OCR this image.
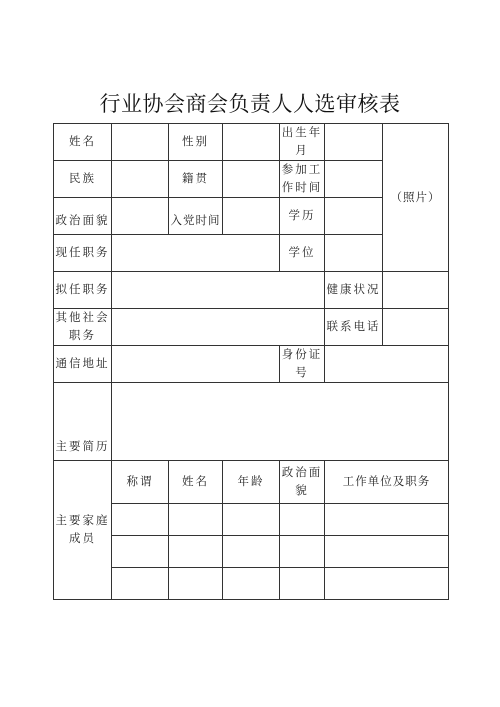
行业协会商会负责人人选审核表
姓名		性别		出生年月		（照片）
民族		籍贯		参加工作时间		
政治面貌		入党时间		学历		
现任职务				学位		
拟任职务					健康状况	
其他社会职务					联系电话	
通信地址				身份证号		
主要简历						
主要家庭成员	称谓	姓名	年龄	政治面貌	工作单位及职务	
